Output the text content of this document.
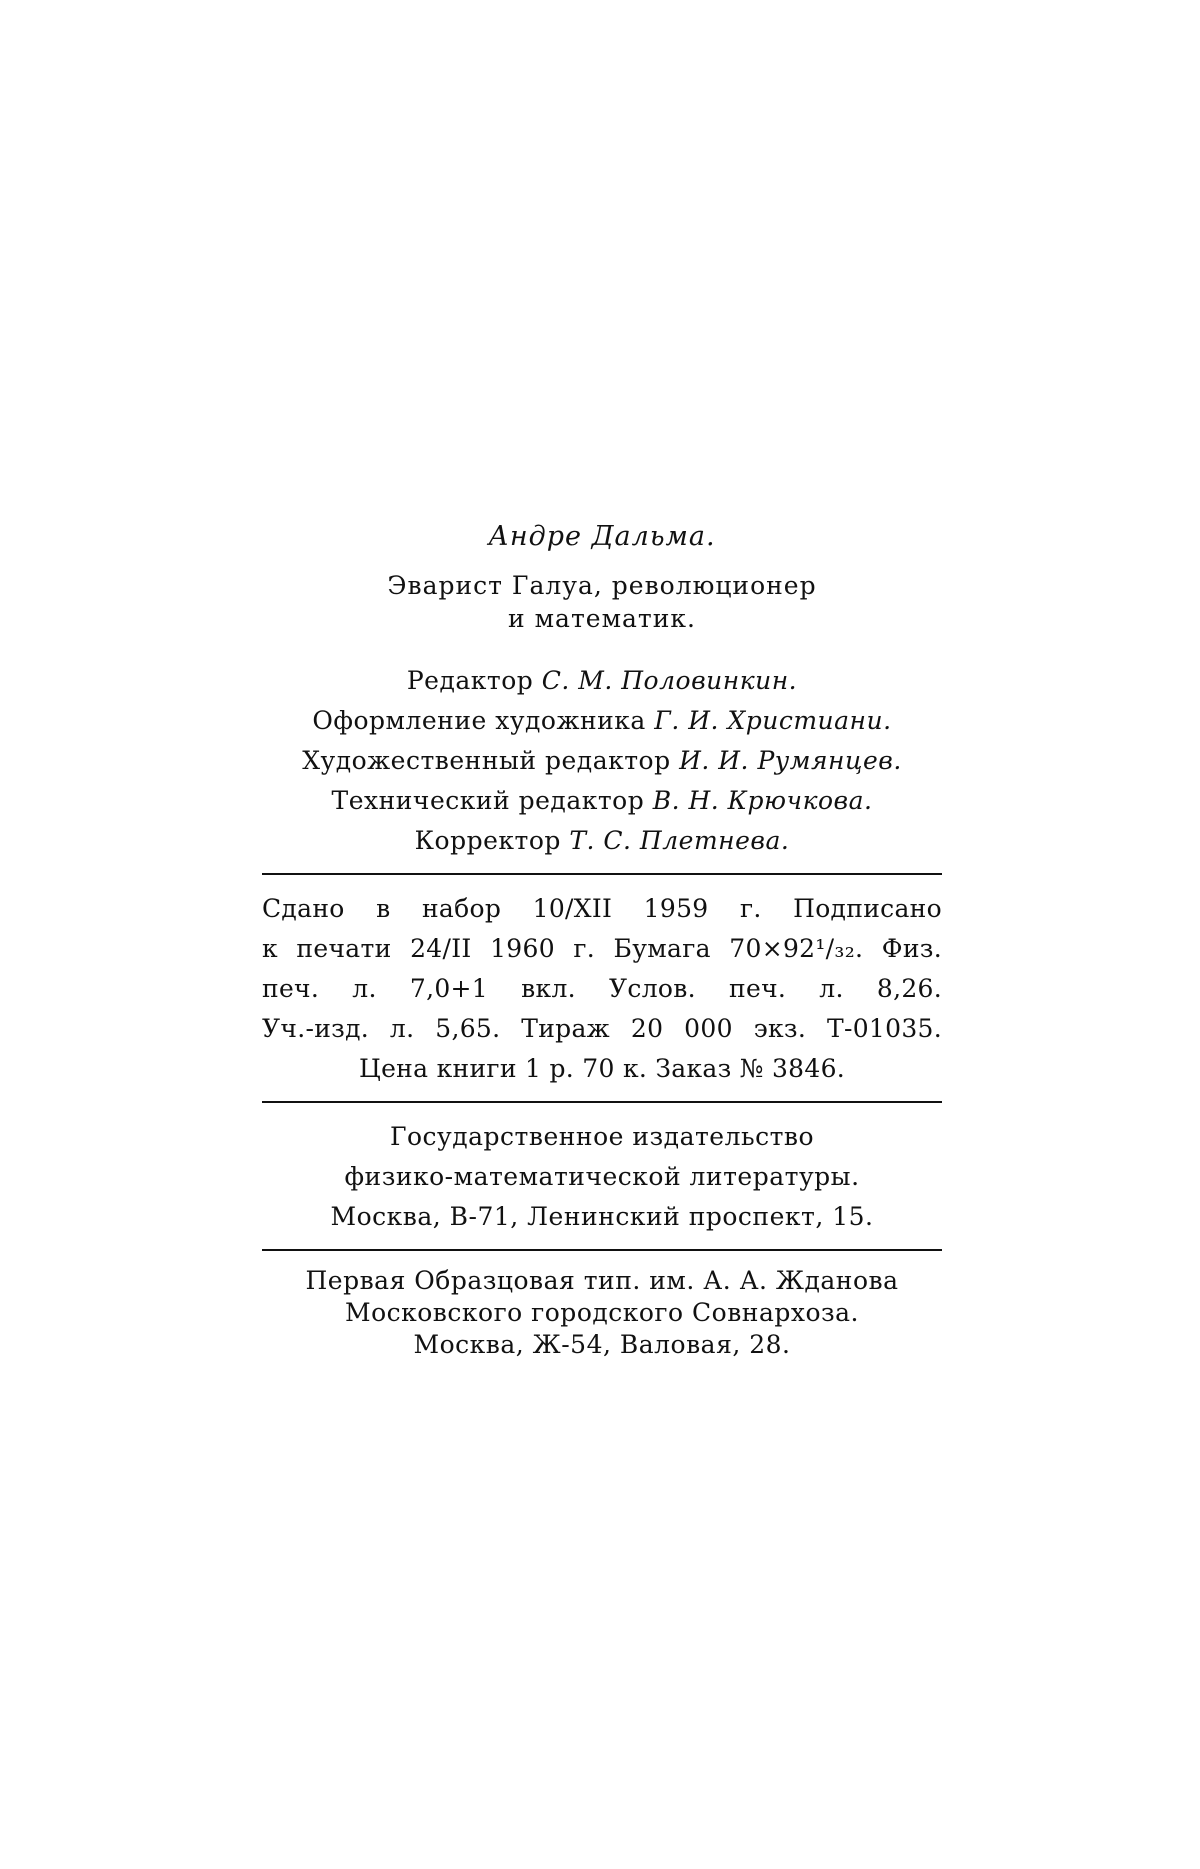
Андре Дальма.
Эварист Галуа, революционер
и математик.
Редактор С. М. Половинкин.
Оформление художника Г. И. Христиани.
Художественный редактор И. И. Румянцев.
Технический редактор В. Н. Крючкова.
Корректор Т. С. Плетнева.
Сдано в набор 10/XII 1959 г. Подписано
к печати 24/II 1960 г. Бумага 70×92¹/₃₂. Физ.
печ. л. 7,0+1 вкл. Услов. печ. л. 8,26.
Уч.-изд. л. 5,65. Тираж 20 000 экз. Т-01035.
Цена книги 1 р. 70 к. Заказ № 3846.
Государственное издательство
физико-математической литературы.
Москва, В-71, Ленинский проспект, 15.
Первая Образцовая тип. им. А. А. Жданова
Московского городского Совнархоза.
Москва, Ж-54, Валовая, 28.
